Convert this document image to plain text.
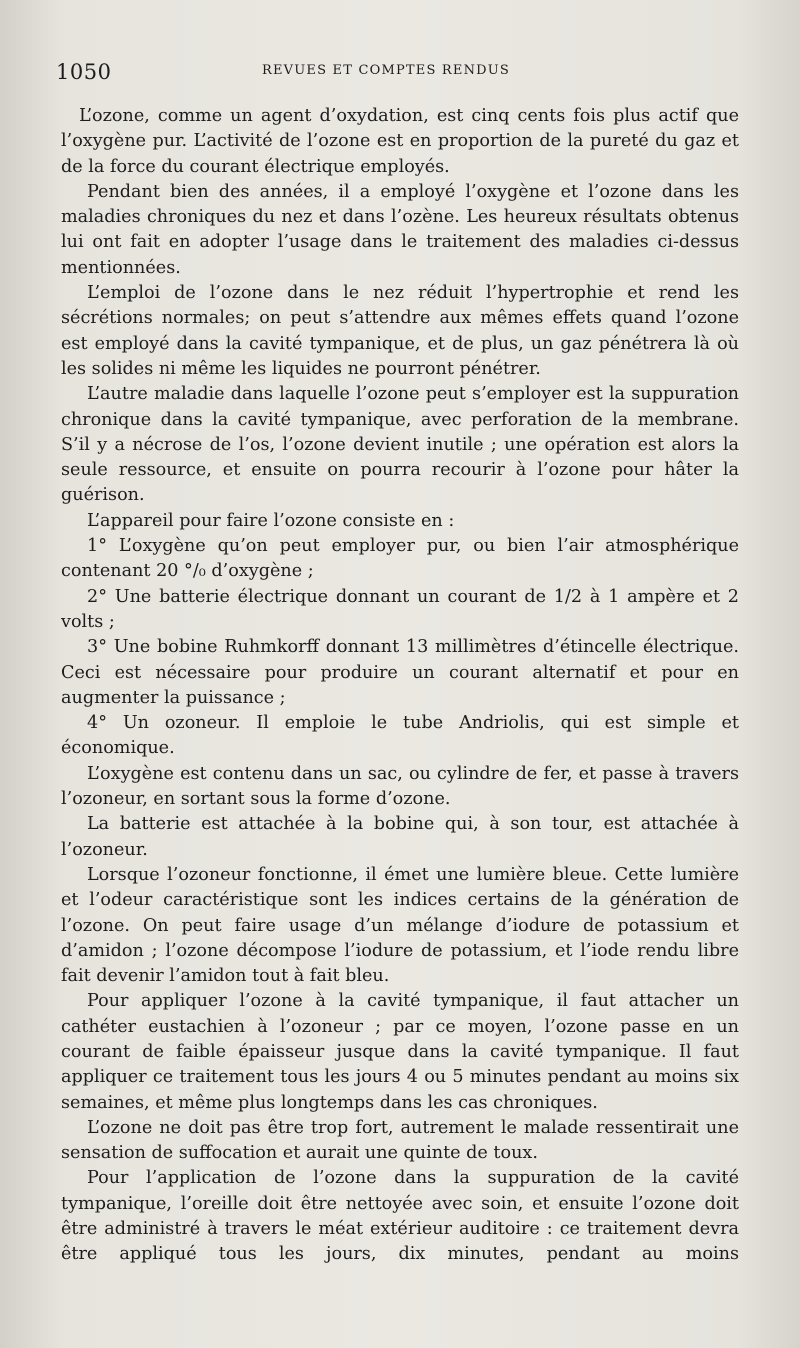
1050	REVUES ET COMPTES RENDUS

L’ozone, comme un agent d’oxydation, est cinq cents fois plus actif que l’oxygène pur. L’activité de l’ozone est en proportion de la pureté du gaz et de la force du courant électrique employés.

Pendant bien des années, il a employé l’oxygène et l’ozone dans les maladies chroniques du nez et dans l’ozène. Les heureux résultats obtenus lui ont fait en adopter l’usage dans le traitement des maladies ci-dessus mentionnées.

L’emploi de l’ozone dans le nez réduit l’hypertrophie et rend les sécrétions normales; on peut s’attendre aux mêmes effets quand l’ozone est employé dans la cavité tympanique, et de plus, un gaz pénétrera là où les solides ni même les liquides ne pourront pénétrer.

L’autre maladie dans laquelle l’ozone peut s’employer est la suppuration chronique dans la cavité tympanique, avec perforation de la membrane. S’il y a nécrose de l’os, l’ozone devient inutile ; une opération est alors la seule ressource, et ensuite on pourra recourir à l’ozone pour hâter la guérison.

L’appareil pour faire l’ozone consiste en :

1° L’oxygène qu’on peut employer pur, ou bien l’air atmosphérique contenant 20 °/₀ d’oxygène ;

2° Une batterie électrique donnant un courant de 1/2 à 1 ampère et 2 volts ;

3° Une bobine Ruhmkorff donnant 13 millimètres d’étincelle électrique. Ceci est nécessaire pour produire un courant alternatif et pour en augmenter la puissance ;

4° Un ozoneur. Il emploie le tube Andriolis, qui est simple et économique.

L’oxygène est contenu dans un sac, ou cylindre de fer, et passe à travers l’ozoneur, en sortant sous la forme d’ozone.

La batterie est attachée à la bobine qui, à son tour, est attachée à l’ozoneur.

Lorsque l’ozoneur fonctionne, il émet une lumière bleue. Cette lumière et l’odeur caractéristique sont les indices certains de la génération de l’ozone. On peut faire usage d’un mélange d’iodure de potassium et d’amidon ; l’ozone décompose l’iodure de potassium, et l’iode rendu libre fait devenir l’amidon tout à fait bleu.

Pour appliquer l’ozone à la cavité tympanique, il faut attacher un cathéter eustachien à l’ozoneur ; par ce moyen, l’ozone passe en un courant de faible épaisseur jusque dans la cavité tympanique. Il faut appliquer ce traitement tous les jours 4 ou 5 minutes pendant au moins six semaines, et même plus longtemps dans les cas chroniques.

L’ozone ne doit pas être trop fort, autrement le malade ressentirait une sensation de suffocation et aurait une quinte de toux.

Pour l’application de l’ozone dans la suppuration de la cavité tympanique, l’oreille doit être nettoyée avec soin, et ensuite l’ozone doit être administré à travers le méat extérieur auditoire : ce traitement devra être appliqué tous les jours, dix minutes, pendant au moins
